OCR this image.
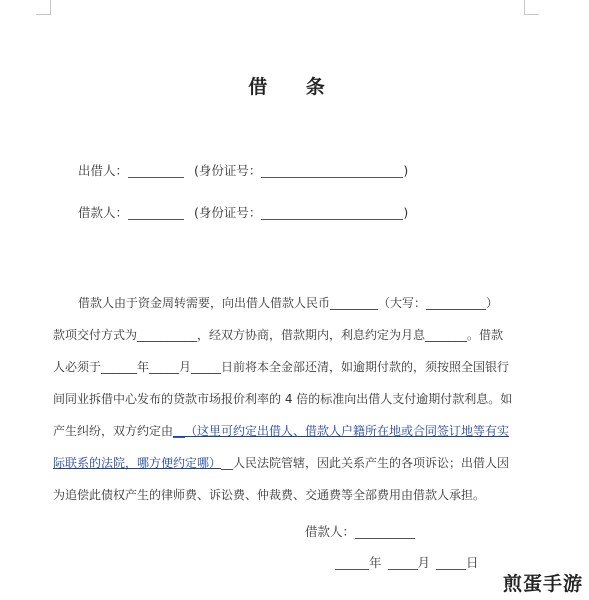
借 条
出借人：	(身份证号：	)
借款人：	(身份证号：	)
借款人由于资金周转需要，向出借人借款人民币________（大写：__________）
款项交付方式为__________，经双方协商，借款期内，利息约定为月息_______。借款
人必须于______年_____月_____日前将本全金部还清，如逾期付款的，须按照全国银行
间同业拆借中心发布的贷款市场报价利率的 4 倍的标准向出借人支付逾期付款利息。如
产生纠纷，双方约定由__（这里可约定出借人、借款人户籍所在地或合同签订地等有实
际联系的法院，哪方便约定哪）__人民法院管辖，因此关系产生的各项诉讼；出借人因
为追偿此债权产生的律师费、诉讼费、仲裁费、交通费等全部费用由借款人承担。
借款人：
年	月	日
煎蛋手游
